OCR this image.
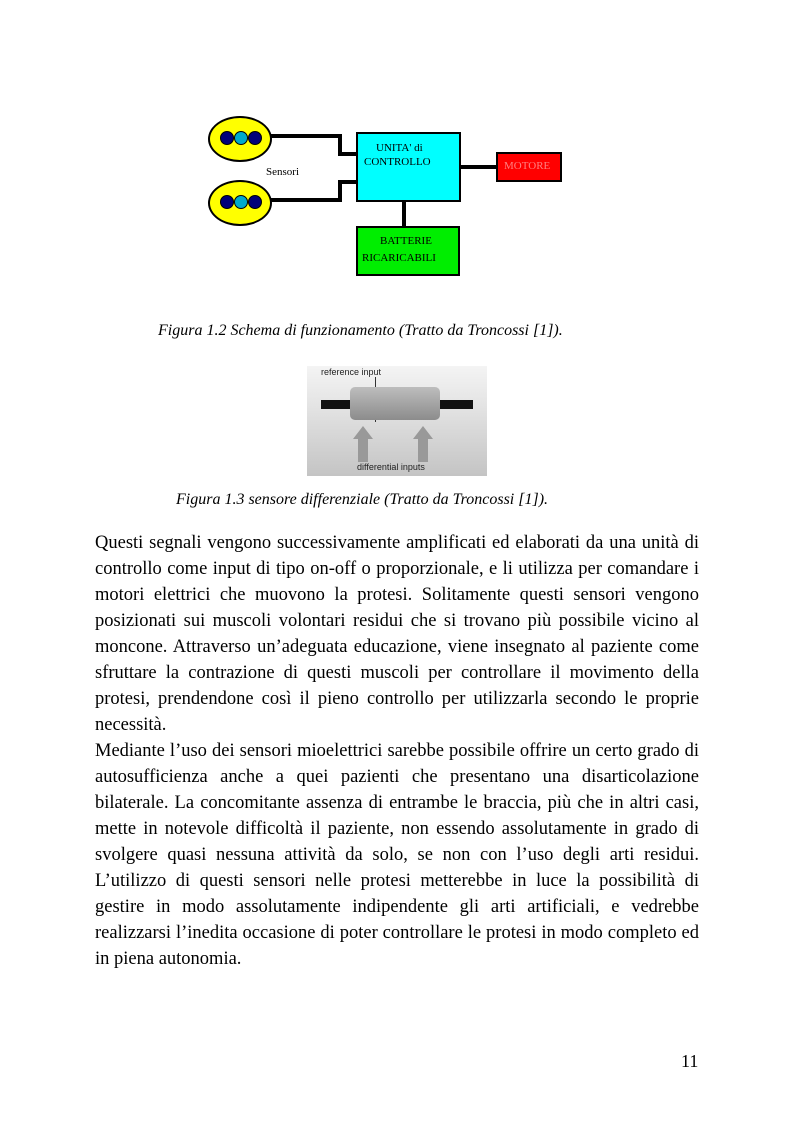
Sensori
UNITA' di
CONTROLLO	MOTORE
BATTERIE
RICARICABILI
Figura 1.2 Schema di funzionamento (Tratto da Troncossi [1]).
reference input
differential inputs
Figura 1.3 sensore differenziale (Tratto da Troncossi [1]).

Questi segnali vengono successivamente amplificati ed elaborati da una unità di controllo come input di tipo on-off o proporzionale, e li utilizza per comandare i motori elettrici che muovono la protesi. Solitamente questi sensori vengono posizionati sui muscoli volontari residui che si trovano più possibile vicino al moncone. Attraverso un’adeguata educazione, viene insegnato al paziente come sfruttare la contrazione di questi muscoli per controllare il movimento della protesi, prendendone così il pieno controllo per utilizzarla secondo le proprie necessità.

Mediante l’uso dei sensori mioelettrici sarebbe possibile offrire un certo grado di autosufficienza anche a quei pazienti che presentano una disarticolazione bilaterale. La concomitante assenza di entrambe le braccia, più che in altri casi, mette in notevole difficoltà il paziente, non essendo assolutamente in grado di svolgere quasi nessuna attività da solo, se non con l’uso degli arti residui. L’utilizzo di questi sensori nelle protesi metterebbe in luce la possibilità di gestire in modo assolutamente indipendente gli arti artificiali, e vedrebbe realizzarsi l’inedita occasione di poter controllare le protesi in modo completo ed in piena autonomia.

11
